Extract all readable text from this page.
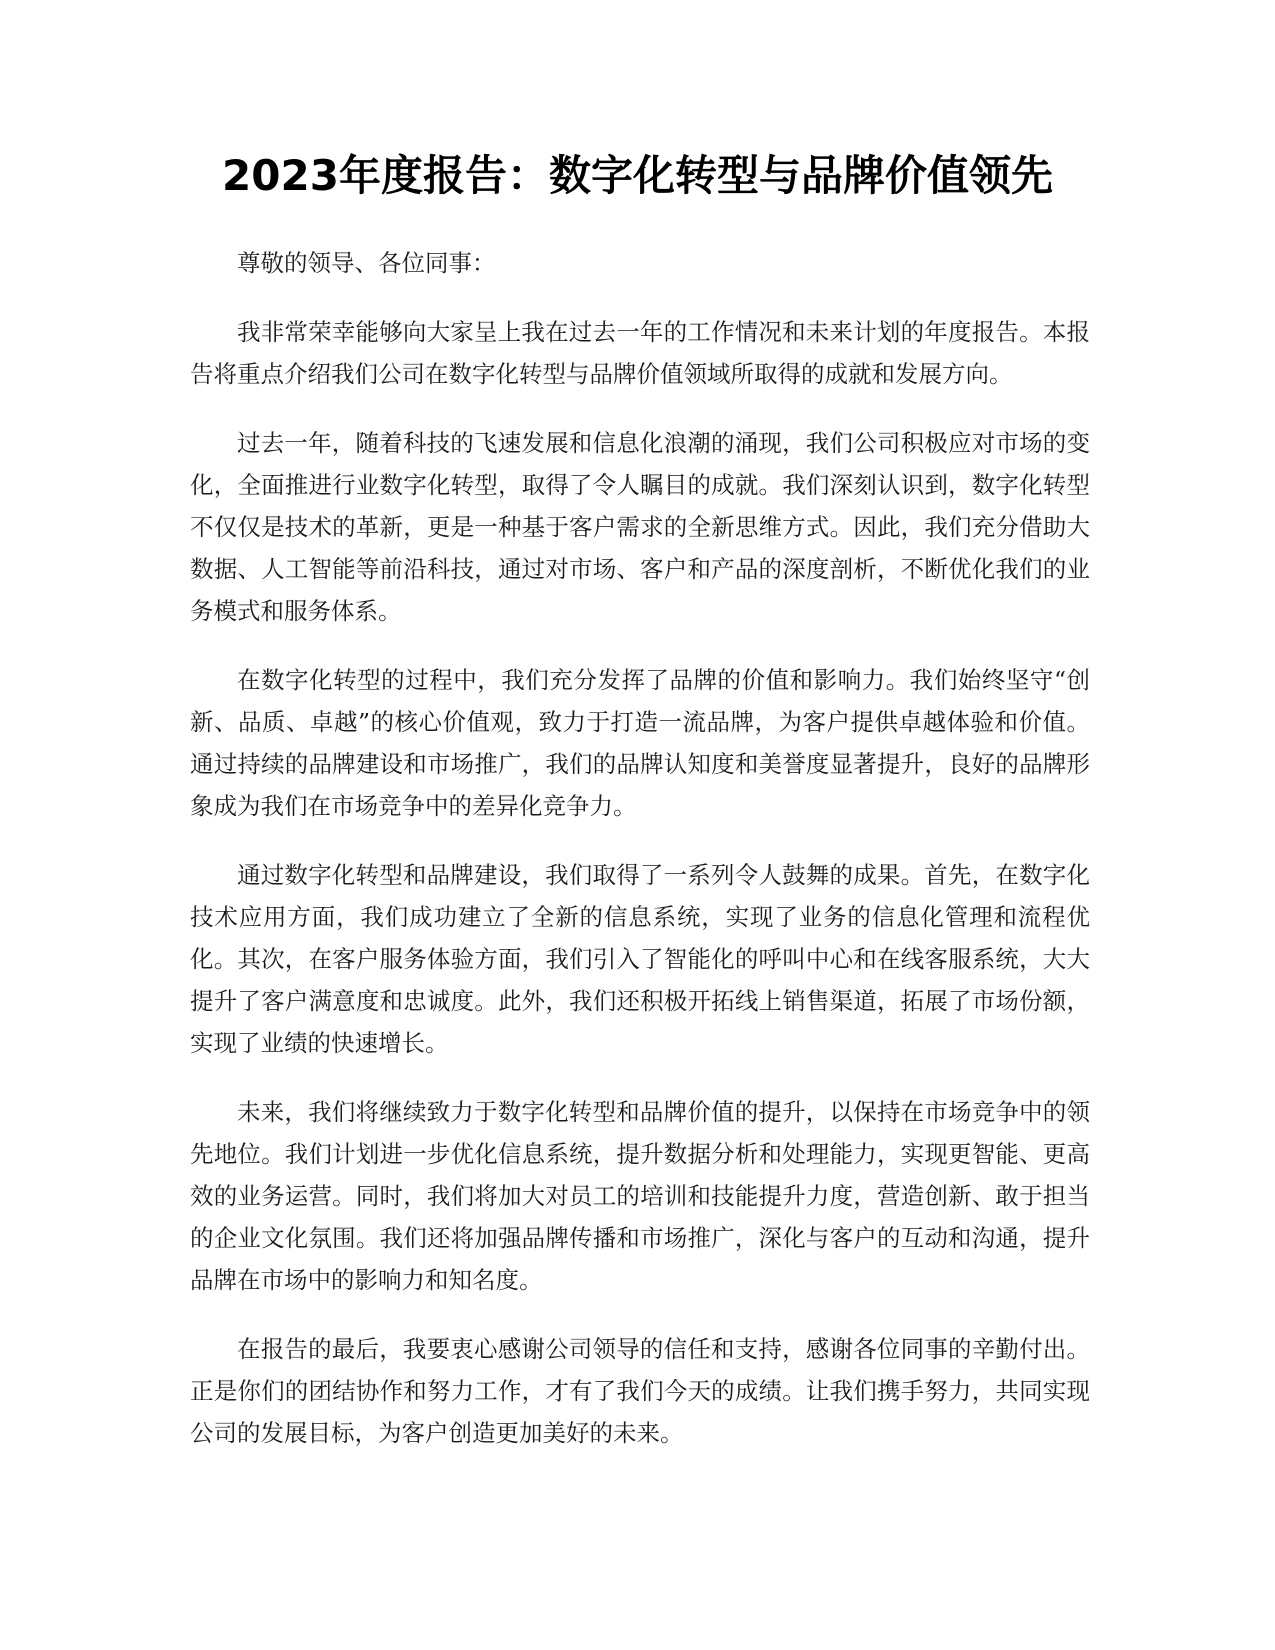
2023年度报告：数字化转型与品牌价值领先

尊敬的领导、各位同事：

我非常荣幸能够向大家呈上我在过去一年的工作情况和未来计划的年度报告。本报告将重点介绍我们公司在数字化转型与品牌价值领域所取得的成就和发展方向。

过去一年，随着科技的飞速发展和信息化浪潮的涌现，我们公司积极应对市场的变化，全面推进行业数字化转型，取得了令人瞩目的成就。我们深刻认识到，数字化转型不仅仅是技术的革新，更是一种基于客户需求的全新思维方式。因此，我们充分借助大数据、人工智能等前沿科技，通过对市场、客户和产品的深度剖析，不断优化我们的业务模式和服务体系。

在数字化转型的过程中，我们充分发挥了品牌的价值和影响力。我们始终坚守“创新、品质、卓越”的核心价值观，致力于打造一流品牌，为客户提供卓越体验和价值。通过持续的品牌建设和市场推广，我们的品牌认知度和美誉度显著提升，良好的品牌形象成为我们在市场竞争中的差异化竞争力。

通过数字化转型和品牌建设，我们取得了一系列令人鼓舞的成果。首先，在数字化技术应用方面，我们成功建立了全新的信息系统，实现了业务的信息化管理和流程优化。其次，在客户服务体验方面，我们引入了智能化的呼叫中心和在线客服系统，大大提升了客户满意度和忠诚度。此外，我们还积极开拓线上销售渠道，拓展了市场份额，实现了业绩的快速增长。

未来，我们将继续致力于数字化转型和品牌价值的提升，以保持在市场竞争中的领先地位。我们计划进一步优化信息系统，提升数据分析和处理能力，实现更智能、更高效的业务运营。同时，我们将加大对员工的培训和技能提升力度，营造创新、敢于担当的企业文化氛围。我们还将加强品牌传播和市场推广，深化与客户的互动和沟通，提升品牌在市场中的影响力和知名度。

在报告的最后，我要衷心感谢公司领导的信任和支持，感谢各位同事的辛勤付出。正是你们的团结协作和努力工作，才有了我们今天的成绩。让我们携手努力，共同实现公司的发展目标，为客户创造更加美好的未来。
